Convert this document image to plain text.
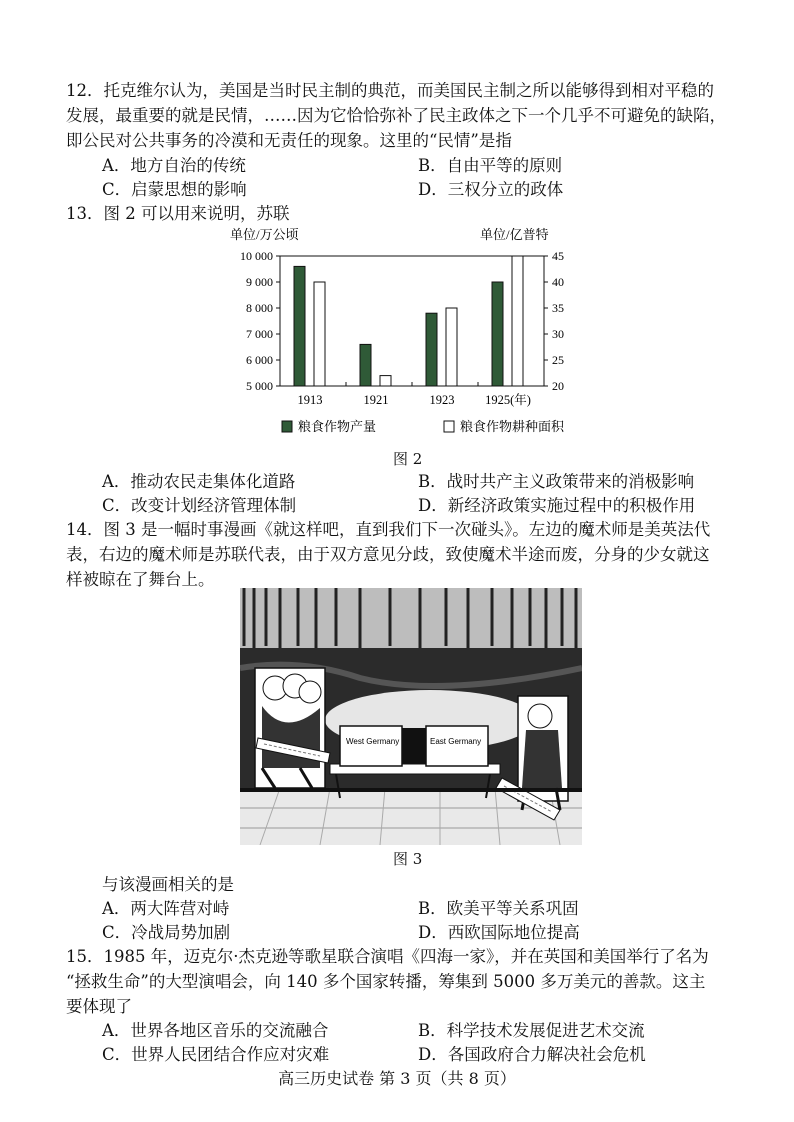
12．托克维尔认为，美国是当时民主制的典范，而美国民主制之所以能够得到相对平稳的
发展，最重要的就是民情，……因为它恰恰弥补了民主政体之下一个几乎不可避免的缺陷，
即公民对公共事务的冷漠和无责任的现象。这里的“民情”是指
A．地方自治的传统	B．自由平等的原则
C．启蒙思想的影响	D．三权分立的政体
13．图 2 可以用来说明，苏联
单位/万公顷	单位/亿普特
10 000
9 000
8 000
7 000
6 000
5 000
45
40
35
30
25
20
1913	1921	1923 1925(年)
粮食作物产量	粮食作物耕种面积
图 2
A．推动农民走集体化道路	B．战时共产主义政策带来的消极影响
C．改变计划经济管理体制	D．新经济政策实施过程中的积极作用
14．图 3 是一幅时事漫画《就这样吧，直到我们下一次碰头》。左边的魔术师是美英法代
表，右边的魔术师是苏联代表，由于双方意见分歧，致使魔术半途而废，分身的少女就这
样被晾在了舞台上。
West Germany	East Germany
图 3
与该漫画相关的是
A．两大阵营对峙	B．欧美平等关系巩固
C．冷战局势加剧	D．西欧国际地位提高
15．1985 年，迈克尔·杰克逊等歌星联合演唱《四海一家》，并在英国和美国举行了名为
“拯救生命”的大型演唱会，向 140 多个国家转播，筹集到 5000 多万美元的善款。这主
要体现了
A．世界各地区音乐的交流融合	B．科学技术发展促进艺术交流
C．世界人民团结合作应对灾难	D．各国政府合力解决社会危机
高三历史试卷 第 3 页（共 8 页）
